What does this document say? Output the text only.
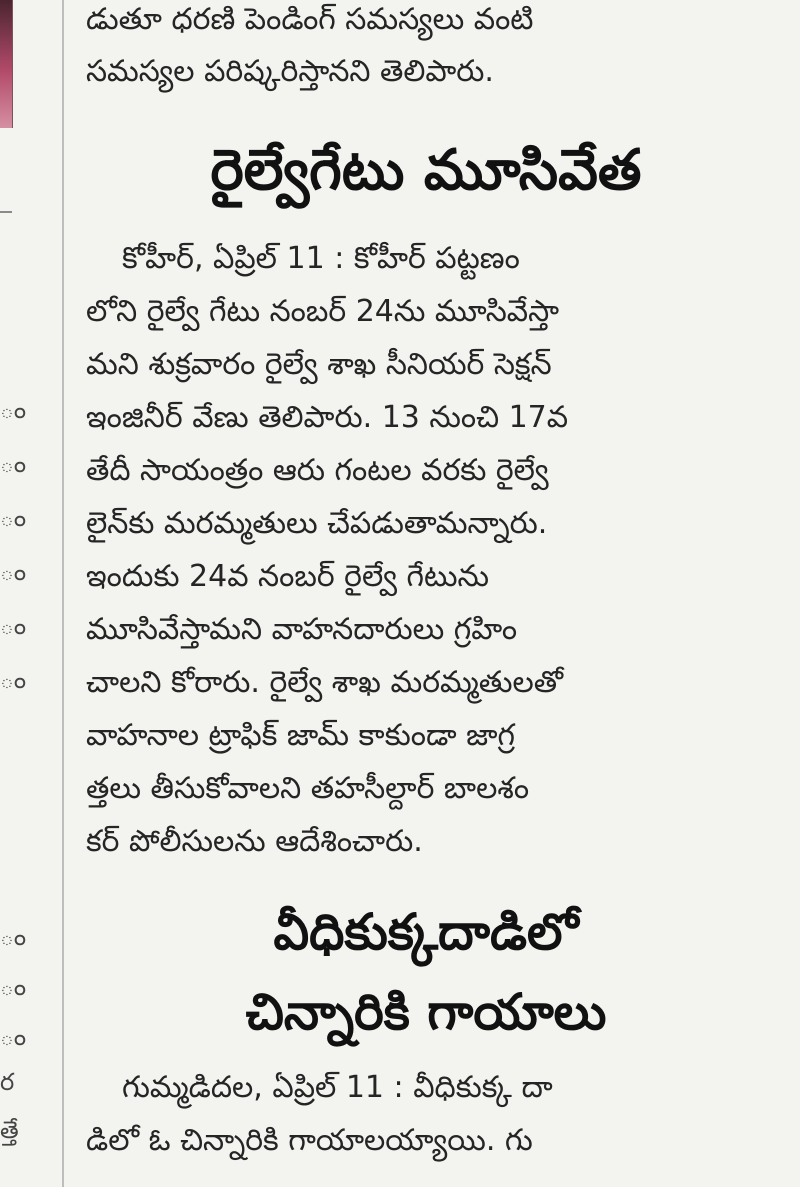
ం
ం
ం
ం
ం
ం
ం
ం
ం
ర
త్తే
డుతూ ధరణి పెండింగ్ సమస్యలు వంటి
సమస్యల పరిష్కరిస్తానని తెలిపారు.
రైల్వేగేటు మూసివేత
కోహీర్, ఏప్రిల్ 11 : కోహీర్ పట్టణం
లోని రైల్వే గేటు నంబర్ 24ను మూసివేస్తా
మని శుక్రవారం రైల్వే శాఖ సీనియర్ సెక్షన్
ఇంజినీర్ వేణు తెలిపారు. 13 నుంచి 17వ
తేదీ సాయంత్రం ఆరు గంటల వరకు రైల్వే
లైన్‌కు మరమ్మతులు చేపడుతామన్నారు.
ఇందుకు 24వ నంబర్ రైల్వే గేటును
మూసివేస్తామని వాహనదారులు గ్రహిం
చాలని కోరారు. రైల్వే శాఖ మరమ్మతులతో
వాహనాల ట్రాఫిక్ జామ్ కాకుండా జాగ్ర
త్తలు తీసుకోవాలని తహసీల్దార్ బాలశం
కర్ పోలీసులను ఆదేశించారు.
వీధికుక్కదాడిలో
చిన్నారికి గాయాలు
గుమ్మడిదల, ఏప్రిల్ 11 : వీధికుక్క దా
డిలో ఓ చిన్నారికి గాయాలయ్యాయి. గు
